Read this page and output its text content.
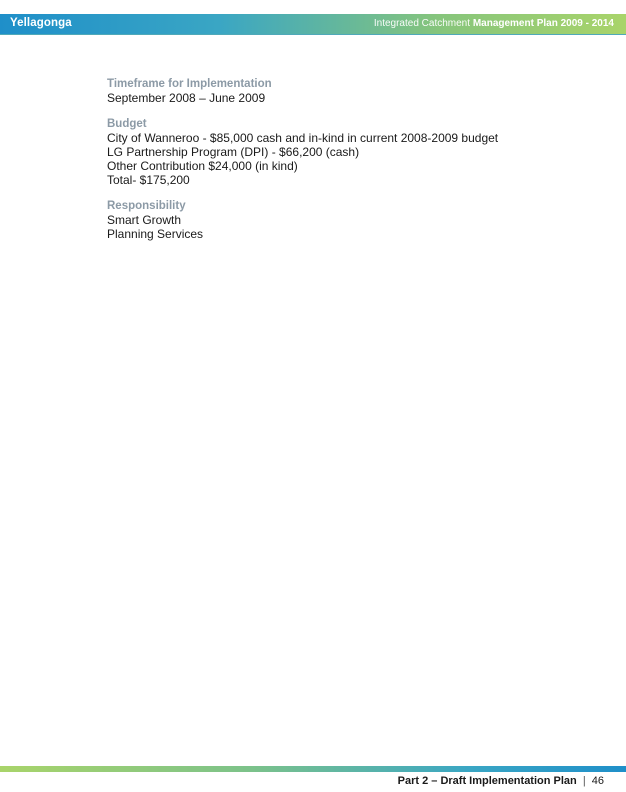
Yellagonga	Integrated Catchment Management Plan 2009 - 2014
Timeframe for Implementation
September 2008 – June 2009
Budget
City of Wanneroo - $85,000 cash and in-kind in current 2008-2009 budget
LG Partnership Program (DPI) - $66,200 (cash)
Other Contribution $24,000 (in kind)
Total- $175,200
Responsibility
Smart Growth
Planning Services
Part 2 – Draft Implementation Plan | 46
